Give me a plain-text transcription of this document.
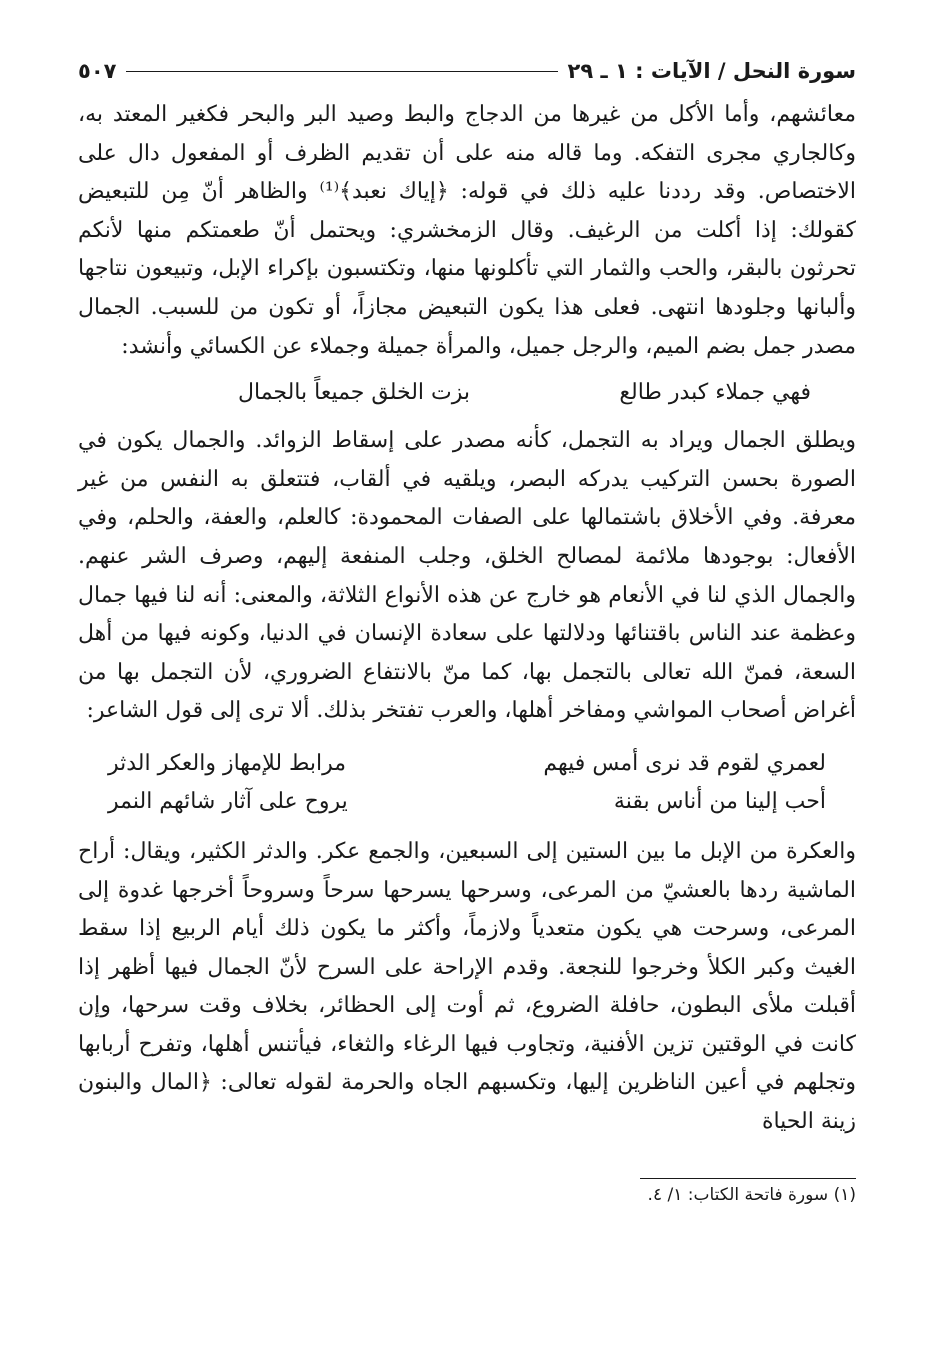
سورة النحل / الآيات : ١ ـ ٢٩
٥٠٧

معائشهم، وأما الأكل من غيرها من الدجاج والبط وصيد البر والبحر فكغير المعتد به، وكالجاري مجرى التفكه. وما قاله منه على أن تقديم الظرف أو المفعول دال على الاختصاص. وقد رددنا عليه ذلك في قوله: ﴿إياك نعبد﴾⁽¹⁾ والظاهر أنّ مِن للتبعيض كقولك: إذا أكلت من الرغيف. وقال الزمخشري: ويحتمل أنّ طعمتكم منها لأنكم تحرثون بالبقر، والحب والثمار التي تأكلونها منها، وتكتسبون بإكراء الإبل، وتبيعون نتاجها وألبانها وجلودها انتهى. فعلى هذا يكون التبعيض مجازاً، أو تكون من للسبب. الجمال مصدر جمل بضم الميم، والرجل جميل، والمرأة جميلة وجملاء عن الكسائي وأنشد:

فهي جملاء كبدر طالع
بزت الخلق جميعاً بالجمال

ويطلق الجمال ويراد به التجمل، كأنه مصدر على إسقاط الزوائد. والجمال يكون في الصورة بحسن التركيب يدركه البصر، ويلقيه في ألقاب، فتتعلق به النفس من غير معرفة. وفي الأخلاق باشتمالها على الصفات المحمودة: كالعلم، والعفة، والحلم، وفي الأفعال: بوجودها ملائمة لمصالح الخلق، وجلب المنفعة إليهم، وصرف الشر عنهم. والجمال الذي لنا في الأنعام هو خارج عن هذه الأنواع الثلاثة، والمعنى: أنه لنا فيها جمال وعظمة عند الناس باقتنائها ودلالتها على سعادة الإنسان في الدنيا، وكونه فيها من أهل السعة، فمنّ الله تعالى بالتجمل بها، كما منّ بالانتفاع الضروري، لأن التجمل بها من أغراض أصحاب المواشي ومفاخر أهلها، والعرب تفتخر بذلك. ألا ترى إلى قول الشاعر:

لعمري لقوم قد نرى أمس فيهم
مرابط للإمهاز والعكر الدثر
أحب إلينا من أناس بقنة
يروح على آثار شائهم النمر

والعكرة من الإبل ما بين الستين إلى السبعين، والجمع عكر. والدثر الكثير، ويقال: أراح الماشية ردها بالعشيّ من المرعى، وسرحها يسرحها سرحاً وسروحاً أخرجها غدوة إلى المرعى، وسرحت هي يكون متعدياً ولازماً، وأكثر ما يكون ذلك أيام الربيع إذا سقط الغيث وكبر الكلأ وخرجوا للنجعة. وقدم الإراحة على السرح لأنّ الجمال فيها أظهر إذا أقبلت ملأى البطون، حافلة الضروع، ثم أوت إلى الحظائر، بخلاف وقت سرحها، وإن كانت في الوقتين تزين الأفنية، وتجاوب فيها الرغاء والثغاء، فيأتنس أهلها، وتفرح أربابها وتجلهم في أعين الناظرين إليها، وتكسبهم الجاه والحرمة لقوله تعالى: ﴿المال والبنون زينة الحياة

(١) سورة فاتحة الكتاب: ١/ ٤.
